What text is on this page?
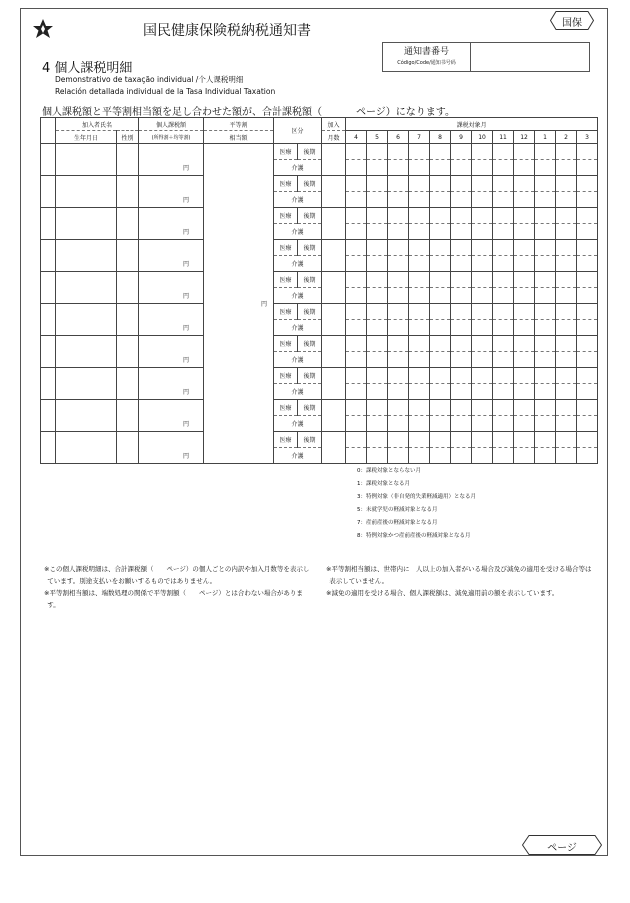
国民健康保険税納税通知書	国保
通知書番号
Código/Code/通知书号码
4 個人課税明細
Demonstrativo de taxação individual /个人课税明细
Relación detallada individual de la Tasa Individual Taxation
個人課税額と平等割相当額を足し合わせた額が、合計課税額（	ページ）になります。
	加入者氏名		個人課税額	平等割	区分		加入	課税対象月											
	生年月日	性別	(所得割＋均等割)	相当額			月数	4	5	6	7	8	9	10	11	12	1	2	3
			円	円	医療	後期													
					介護														
			円		医療	後期													
					介護														
			円		医療	後期													
					介護														
			円		医療	後期													
					介護														
			円		医療	後期													
					介護														
			円		医療	後期													
					介護														
			円		医療	後期													
					介護														
			円		医療	後期													
					介護														
			円		医療	後期													
					介護														
			円		医療	後期													
					介護														
0：課税対象とならない月
1：課税対象となる月
3：特例対象（非自発的失業軽減適用）となる月
5：未就学児の軽減対象となる月
7：産前産後の軽減対象となる月
8：特例対象かつ産前産後の軽減対象となる月

※この個人課税明細は、合計課税額（　　ページ）の個人ごとの内訳や加入月数等を表示しています。別途支払いをお願いするものではありません。

※平等割相当額は、端数処理の関係で平等割額（　　ページ）とは合わない場合があります。

※平等割相当額は、世帯内に　人以上の加入者がいる場合及び減免の適用を受ける場合等は表示していません。

※減免の適用を受ける場合、個人課税額は、減免適用前の額を表示しています。

ページ
